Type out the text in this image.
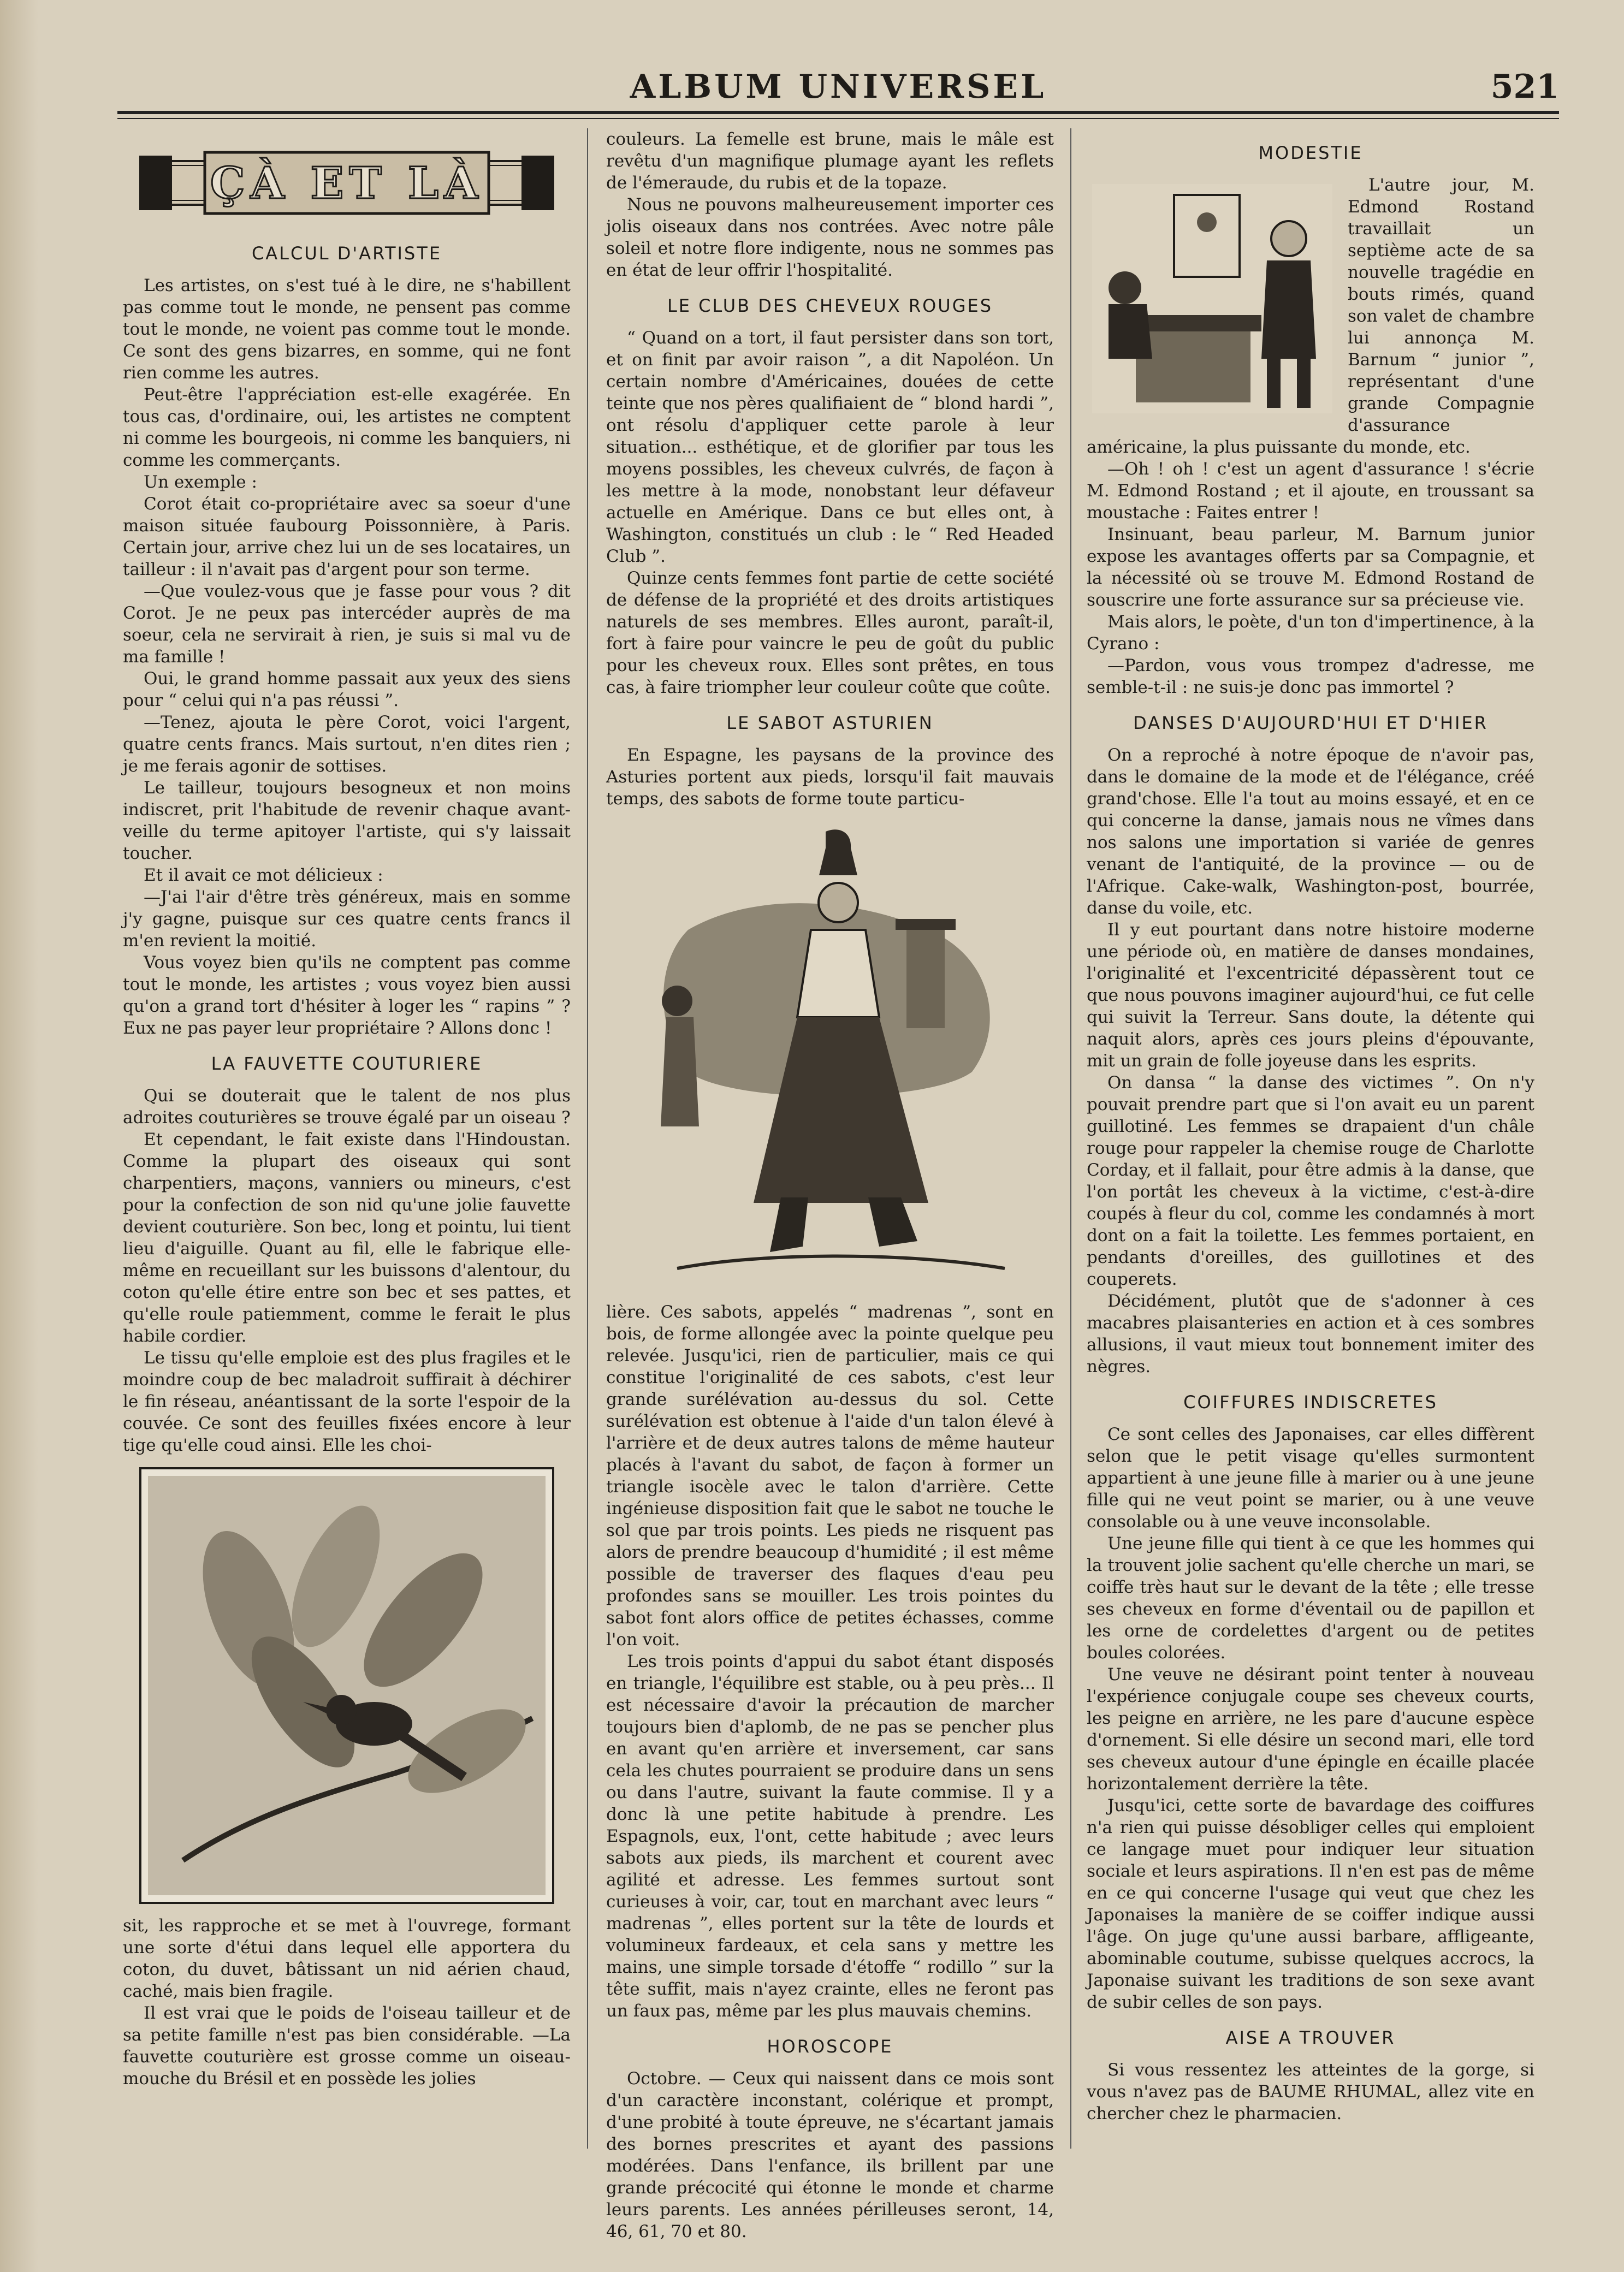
ALBUM UNIVERSEL	521
ÇÀ ET LÀ
CALCUL D'ARTISTE

Les artistes, on s'est tué à le dire, ne s'habillent pas comme tout le monde, ne pensent pas comme tout le monde, ne voient pas comme tout le monde. Ce sont des gens bizarres, en somme, qui ne font rien comme les autres.

Peut-être l'appréciation est-elle exagérée. En tous cas, d'ordinaire, oui, les artistes ne comptent ni comme les bourgeois, ni comme les banquiers, ni comme les commerçants.

Un exemple :

Corot était co-propriétaire avec sa soeur d'une maison située faubourg Poissonnière, à Paris. Certain jour, arrive chez lui un de ses locataires, un tailleur : il n'avait pas d'argent pour son terme.

—Que voulez-vous que je fasse pour vous ? dit Corot. Je ne peux pas intercéder auprès de ma soeur, cela ne servirait à rien, je suis si mal vu de ma famille !

Oui, le grand homme passait aux yeux des siens pour “ celui qui n'a pas réussi ”.

—Tenez, ajouta le père Corot, voici l'argent, quatre cents francs. Mais surtout, n'en dites rien ; je me ferais agonir de sottises.

Le tailleur, toujours besogneux et non moins indiscret, prit l'habitude de revenir chaque avant-veille du terme apitoyer l'artiste, qui s'y laissait toucher.

Et il avait ce mot délicieux :

—J'ai l'air d'être très généreux, mais en somme j'y gagne, puisque sur ces quatre cents francs il m'en revient la moitié.

Vous voyez bien qu'ils ne comptent pas comme tout le monde, les artistes ; vous voyez bien aussi qu'on a grand tort d'hésiter à loger les “ rapins ” ? Eux ne pas payer leur propriétaire ? Allons donc !

LA FAUVETTE COUTURIERE

Qui se douterait que le talent de nos plus adroites couturières se trouve égalé par un oiseau ?

Et cependant, le fait existe dans l'Hindoustan. Comme la plupart des oiseaux qui sont charpentiers, maçons, vanniers ou mineurs, c'est pour la confection de son nid qu'une jolie fauvette devient couturière. Son bec, long et pointu, lui tient lieu d'aiguille. Quant au fil, elle le fabrique elle-même en recueillant sur les buissons d'alentour, du coton qu'elle étire entre son bec et ses pattes, et qu'elle roule patiemment, comme le ferait le plus habile cordier.

Le tissu qu'elle emploie est des plus fragiles et le moindre coup de bec maladroit suffirait à déchirer le fin réseau, anéantissant de la sorte l'espoir de la couvée. Ce sont des feuilles fixées encore à leur tige qu'elle coud ainsi. Elle les choi-

sit, les rapproche et se met à l'ouvrege, formant une sorte d'étui dans lequel elle apportera du coton, du duvet, bâtissant un nid aérien chaud, caché, mais bien fragile.

Il est vrai que le poids de l'oiseau tailleur et de sa petite famille n'est pas bien considérable. —La fauvette couturière est grosse comme un oiseau-mouche du Brésil et en possède les jolies

couleurs. La femelle est brune, mais le mâle est revêtu d'un magnifique plumage ayant les reflets de l'émeraude, du rubis et de la topaze.

Nous ne pouvons malheureusement importer ces jolis oiseaux dans nos contrées. Avec notre pâle soleil et notre flore indigente, nous ne sommes pas en état de leur offrir l'hospitalité.

LE CLUB DES CHEVEUX ROUGES

“ Quand on a tort, il faut persister dans son tort, et on finit par avoir raison ”, a dit Napoléon. Un certain nombre d'Américaines, douées de cette teinte que nos pères qualifiaient de “ blond hardi ”, ont résolu d'appliquer cette parole à leur situation... esthétique, et de glorifier par tous les moyens possibles, les cheveux culvrés, de façon à les mettre à la mode, nonobstant leur défaveur actuelle en Amérique. Dans ce but elles ont, à Washington, constitués un club : le “ Red Headed Club ”.

Quinze cents femmes font partie de cette société de défense de la propriété et des droits artistiques naturels de ses membres. Elles auront, paraît-il, fort à faire pour vaincre le peu de goût du public pour les cheveux roux. Elles sont prêtes, en tous cas, à faire triompher leur couleur coûte que coûte.

LE SABOT ASTURIEN

En Espagne, les paysans de la province des Asturies portent aux pieds, lorsqu'il fait mauvais temps, des sabots de forme toute particu-

lière. Ces sabots, appelés “ madrenas ”, sont en bois, de forme allongée avec la pointe quelque peu relevée. Jusqu'ici, rien de particulier, mais ce qui constitue l'originalité de ces sabots, c'est leur grande surélévation au-dessus du sol. Cette surélévation est obtenue à l'aide d'un talon élevé à l'arrière et de deux autres talons de même hauteur placés à l'avant du sabot, de façon à former un triangle isocèle avec le talon d'arrière. Cette ingénieuse disposition fait que le sabot ne touche le sol que par trois points. Les pieds ne risquent pas alors de prendre beaucoup d'humidité ; il est même possible de traverser des flaques d'eau peu profondes sans se mouiller. Les trois pointes du sabot font alors office de petites échasses, comme l'on voit.

Les trois points d'appui du sabot étant disposés en triangle, l'équilibre est stable, ou à peu près... Il est nécessaire d'avoir la précaution de marcher toujours bien d'aplomb, de ne pas se pencher plus en avant qu'en arrière et inversement, car sans cela les chutes pourraient se produire dans un sens ou dans l'autre, suivant la faute commise. Il y a donc là une petite habitude à prendre. Les Espagnols, eux, l'ont, cette habitude ; avec leurs sabots aux pieds, ils marchent et courent avec agilité et adresse. Les femmes surtout sont curieuses à voir, car, tout en marchant avec leurs “ madrenas ”, elles portent sur la tête de lourds et volumineux fardeaux, et cela sans y mettre les mains, une simple torsade d'étoffe “ rodillo ” sur la tête suffit, mais n'ayez crainte, elles ne feront pas un faux pas, même par les plus mauvais chemins.

HOROSCOPE

Octobre. — Ceux qui naissent dans ce mois sont d'un caractère inconstant, colérique et prompt, d'une probité à toute épreuve, ne s'écartant jamais des bornes prescrites et ayant des passions modérées. Dans l'enfance, ils brillent par une grande précocité qui étonne le monde et charme leurs parents. Les années périlleuses seront, 14, 46, 61, 70 et 80.

MODESTIE

L'autre jour, M. Edmond Rostand travaillait un septième acte de sa nouvelle tragédie en bouts rimés, quand son valet de chambre lui annonça M. Barnum “ junior ”, représentant d'une grande Compagnie d'assurance américaine, la plus puissante du monde, etc.

—Oh ! oh ! c'est un agent d'assurance ! s'écrie M. Edmond Rostand ; et il ajoute, en troussant sa moustache : Faites entrer !

Insinuant, beau parleur, M. Barnum junior expose les avantages offerts par sa Compagnie, et la nécessité où se trouve M. Edmond Rostand de souscrire une forte assurance sur sa précieuse vie.

Mais alors, le poète, d'un ton d'impertinence, à la Cyrano :

—Pardon, vous vous trompez d'adresse, me semble-t-il : ne suis-je donc pas immortel ?

DANSES D'AUJOURD'HUI ET D'HIER

On a reproché à notre époque de n'avoir pas, dans le domaine de la mode et de l'élégance, créé grand'chose. Elle l'a tout au moins essayé, et en ce qui concerne la danse, jamais nous ne vîmes dans nos salons une importation si variée de genres venant de l'antiquité, de la province — ou de l'Afrique. Cake-walk, Washington-post, bourrée, danse du voile, etc.

Il y eut pourtant dans notre histoire moderne une période où, en matière de danses mondaines, l'originalité et l'excentricité dépassèrent tout ce que nous pouvons imaginer aujourd'hui, ce fut celle qui suivit la Terreur. Sans doute, la détente qui naquit alors, après ces jours pleins d'épouvante, mit un grain de folle joyeuse dans les esprits.

On dansa “ la danse des victimes ”. On n'y pouvait prendre part que si l'on avait eu un parent guillotiné. Les femmes se drapaient d'un châle rouge pour rappeler la chemise rouge de Charlotte Corday, et il fallait, pour être admis à la danse, que l'on portât les cheveux à la victime, c'est-à-dire coupés à fleur du col, comme les condamnés à mort dont on a fait la toilette. Les femmes portaient, en pendants d'oreilles, des guillotines et des couperets.

Décidément, plutôt que de s'adonner à ces macabres plaisanteries en action et à ces sombres allusions, il vaut mieux tout bonnement imiter des nègres.

COIFFURES INDISCRETES

Ce sont celles des Japonaises, car elles diffèrent selon que le petit visage qu'elles surmontent appartient à une jeune fille à marier ou à une jeune fille qui ne veut point se marier, ou à une veuve consolable ou à une veuve inconsolable.

Une jeune fille qui tient à ce que les hommes qui la trouvent jolie sachent qu'elle cherche un mari, se coiffe très haut sur le devant de la tête ; elle tresse ses cheveux en forme d'éventail ou de papillon et les orne de cordelettes d'argent ou de petites boules colorées.

Une veuve ne désirant point tenter à nouveau l'expérience conjugale coupe ses cheveux courts, les peigne en arrière, ne les pare d'aucune espèce d'ornement. Si elle désire un second mari, elle tord ses cheveux autour d'une épingle en écaille placée horizontalement derrière la tête.

Jusqu'ici, cette sorte de bavardage des coiffures n'a rien qui puisse désobliger celles qui emploient ce langage muet pour indiquer leur situation sociale et leurs aspirations. Il n'en est pas de même en ce qui concerne l'usage qui veut que chez les Japonaises la manière de se coiffer indique aussi l'âge. On juge qu'une aussi barbare, affligeante, abominable coutume, subisse quelques accrocs, la Japonaise suivant les traditions de son sexe avant de subir celles de son pays.

AISE A TROUVER

Si vous ressentez les atteintes de la gorge, si vous n'avez pas de BAUME RHUMAL, allez vite en chercher chez le pharmacien.
